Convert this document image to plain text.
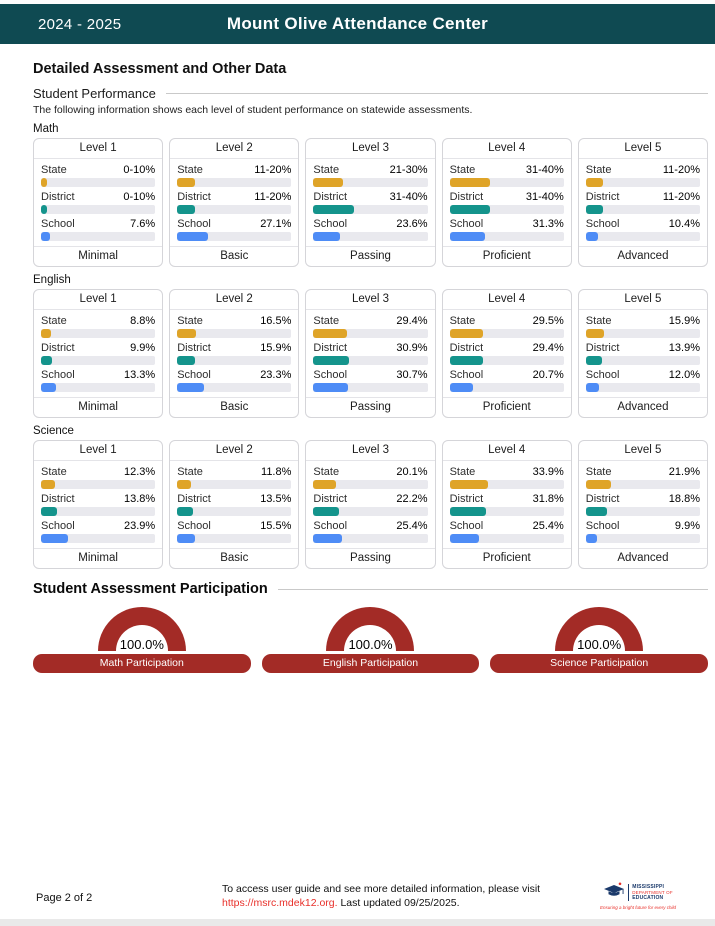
2024 - 2025	Mount Olive Attendance Center
Detailed Assessment and Other Data
Student Performance
The following information shows each level of student performance on statewide assessments.
Math
Level 1
State	0-10%
District	0-10%
School	7.6%
Minimal
Level 2
State	11-20%
District	11-20%
School	27.1%
Basic
Level 3
State	21-30%
District	31-40%
School	23.6%
Passing
Level 4
State	31-40%
District	31-40%
School	31.3%
Proficient
Level 5
State	11-20%
District	11-20%
School	10.4%
Advanced
English
Level 1
State	8.8%
District	9.9%
School	13.3%
Minimal
Level 2
State	16.5%
District	15.9%
School	23.3%
Basic
Level 3
State	29.4%
District	30.9%
School	30.7%
Passing
Level 4
State	29.5%
District	29.4%
School	20.7%
Proficient
Level 5
State	15.9%
District	13.9%
School	12.0%
Advanced
Science
Level 1
State	12.3%
District	13.8%
School	23.9%
Minimal
Level 2
State	11.8%
District	13.5%
School	15.5%
Basic
Level 3
State	20.1%
District	22.2%
School	25.4%
Passing
Level 4
State	33.9%
District	31.8%
School	25.4%
Proficient
Level 5
State	21.9%
District	18.8%
School	9.9%
Advanced
Student Assessment Participation
100.0%
Math Participation
100.0%
English Participation
100.0%
Science Participation
Page 2 of 2
To access user guide and see more detailed information, please visit
https://msrc.mdek12.org. Last updated 09/25/2025.
MISSISSIPPI
DEPARTMENT OF
EDUCATION
Ensuring a bright future for every child
